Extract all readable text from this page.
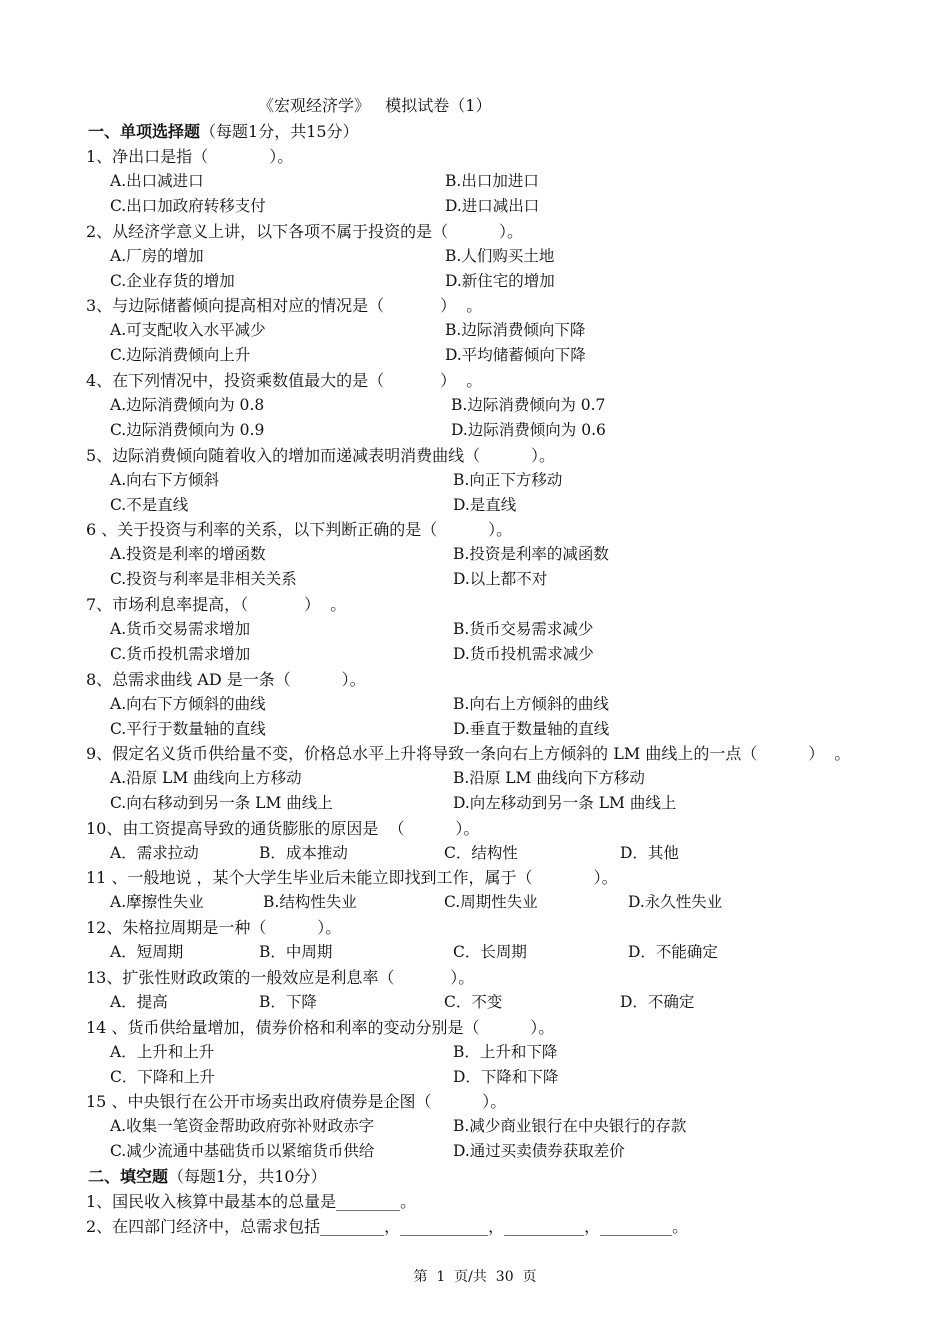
《宏观经济学》   模拟试卷（1）
一、单项选择题（每题1分，共15分）
1、净出口是指（            ）。
A.出口减进口	B.出口加进口
C.出口加政府转移支付	D.进口减出口
2、从经济学意义上讲，以下各项不属于投资的是（          ）。
A.厂房的增加	B.人们购买土地
C.企业存货的增加	D.新住宅的增加
3、与边际储蓄倾向提高相对应的情况是（           ）  。
A.可支配收入水平减少	B.边际消费倾向下降
C.边际消费倾向上升	D.平均储蓄倾向下降
4、在下列情况中，投资乘数值最大的是（           ）  。
A.边际消费倾向为 0.8	B.边际消费倾向为 0.7
C.边际消费倾向为 0.9	D.边际消费倾向为 0.6
5、边际消费倾向随着收入的增加而递减表明消费曲线（          ）。
A.向右下方倾斜	B.向正下方移动
C.不是直线	D.是直线
6 、关于投资与利率的关系，以下判断正确的是（          ）。
A.投资是利率的增函数	B.投资是利率的减函数
C.投资与利率是非相关关系	D.以上都不对
7、市场利息率提高，（           ）  。
A.货币交易需求增加	B.货币交易需求减少
C.货币投机需求增加	D.货币投机需求减少
8、总需求曲线 AD 是一条（          ）。
A.向右下方倾斜的曲线	B.向右上方倾斜的曲线
C.平行于数量轴的直线	D.垂直于数量轴的直线
9、假定名义货币供给量不变，价格总水平上升将导致一条向右上方倾斜的 LM 曲线上的一点（          ）  。
A.沿原 LM 曲线向上方移动	B.沿原 LM 曲线向下方移动
C.向右移动到另一条 LM 曲线上	D.向左移动到另一条 LM 曲线上
10、由工资提高导致的通货膨胀的原因是  （          ）。
A．需求拉动	B．成本推动	C．结构性	D．其他
11 、一般地说 ，某个大学生毕业后未能立即找到工作，属于（            ）。
A.摩擦性失业	B.结构性失业	C.周期性失业	D.永久性失业
12、朱格拉周期是一种（          ）。
A．短周期	B．中周期	C．长周期	D．不能确定
13、扩张性财政政策的一般效应是利息率（           ）。
A．提高	B．下降	C．不变	D．不确定
14 、货币供给量增加，债券价格和利率的变动分别是（          ）。
A．上升和上升	B．上升和下降
C．下降和上升	D．下降和下降
15 、中央银行在公开市场卖出政府债券是企图（          ）。
A.收集一笔资金帮助政府弥补财政赤字	B.减少商业银行在中央银行的存款
C.减少流通中基础货币以紧缩货币供给	D.通过买卖债券获取差价
二、填空题（每题1分，共10分）
1、国民收入核算中最基本的总量是________。
2、在四部门经济中，总需求包括________，___________，__________，_________。
第  1  页/共  30  页
